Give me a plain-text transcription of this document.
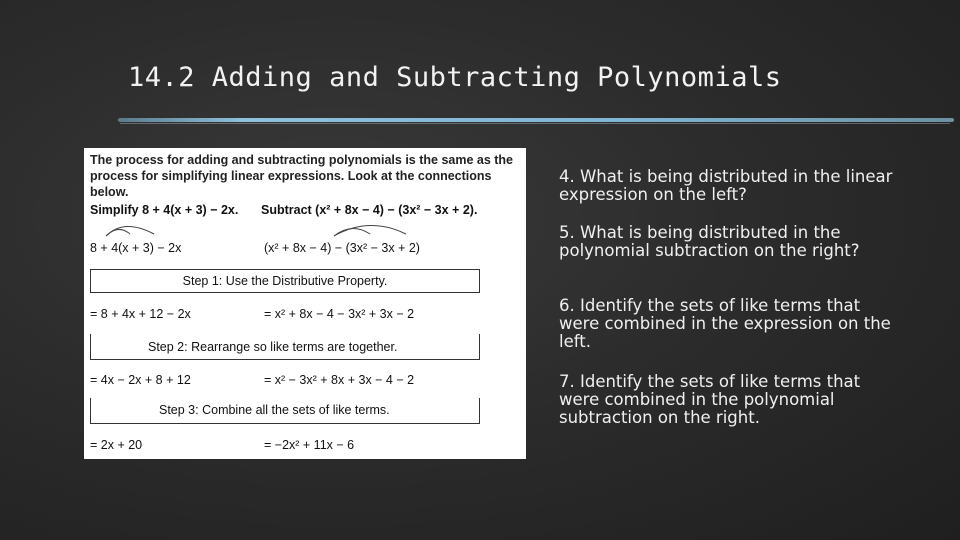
14.2 Adding and Subtracting Polynomials
The process for adding and subtracting polynomials is the same as the process for simplifying linear expressions. Look at the connections below.
Simplify 8 + 4(x + 3) − 2x. Subtract (x² + 8x − 4) − (3x² − 3x + 2).
8 + 4(x + 3) − 2x	(x² + 8x − 4) − (3x² − 3x + 2)
Step 1: Use the Distributive Property.
= 8 + 4x + 12 − 2x	= x² + 8x − 4 − 3x² + 3x − 2
Step 2: Rearrange so like terms are together.
= 4x − 2x + 8 + 12	= x² − 3x² + 8x + 3x − 4 − 2
Step 3: Combine all the sets of like terms.
= 2x + 20	= −2x² + 11x − 6
4. What is being distributed in the linear expression on the left?
5. What is being distributed in the polynomial subtraction on the right?
6. Identify the sets of like terms that were combined in the expression on the left.
7. Identify the sets of like terms that were combined in the polynomial subtraction on the right.
